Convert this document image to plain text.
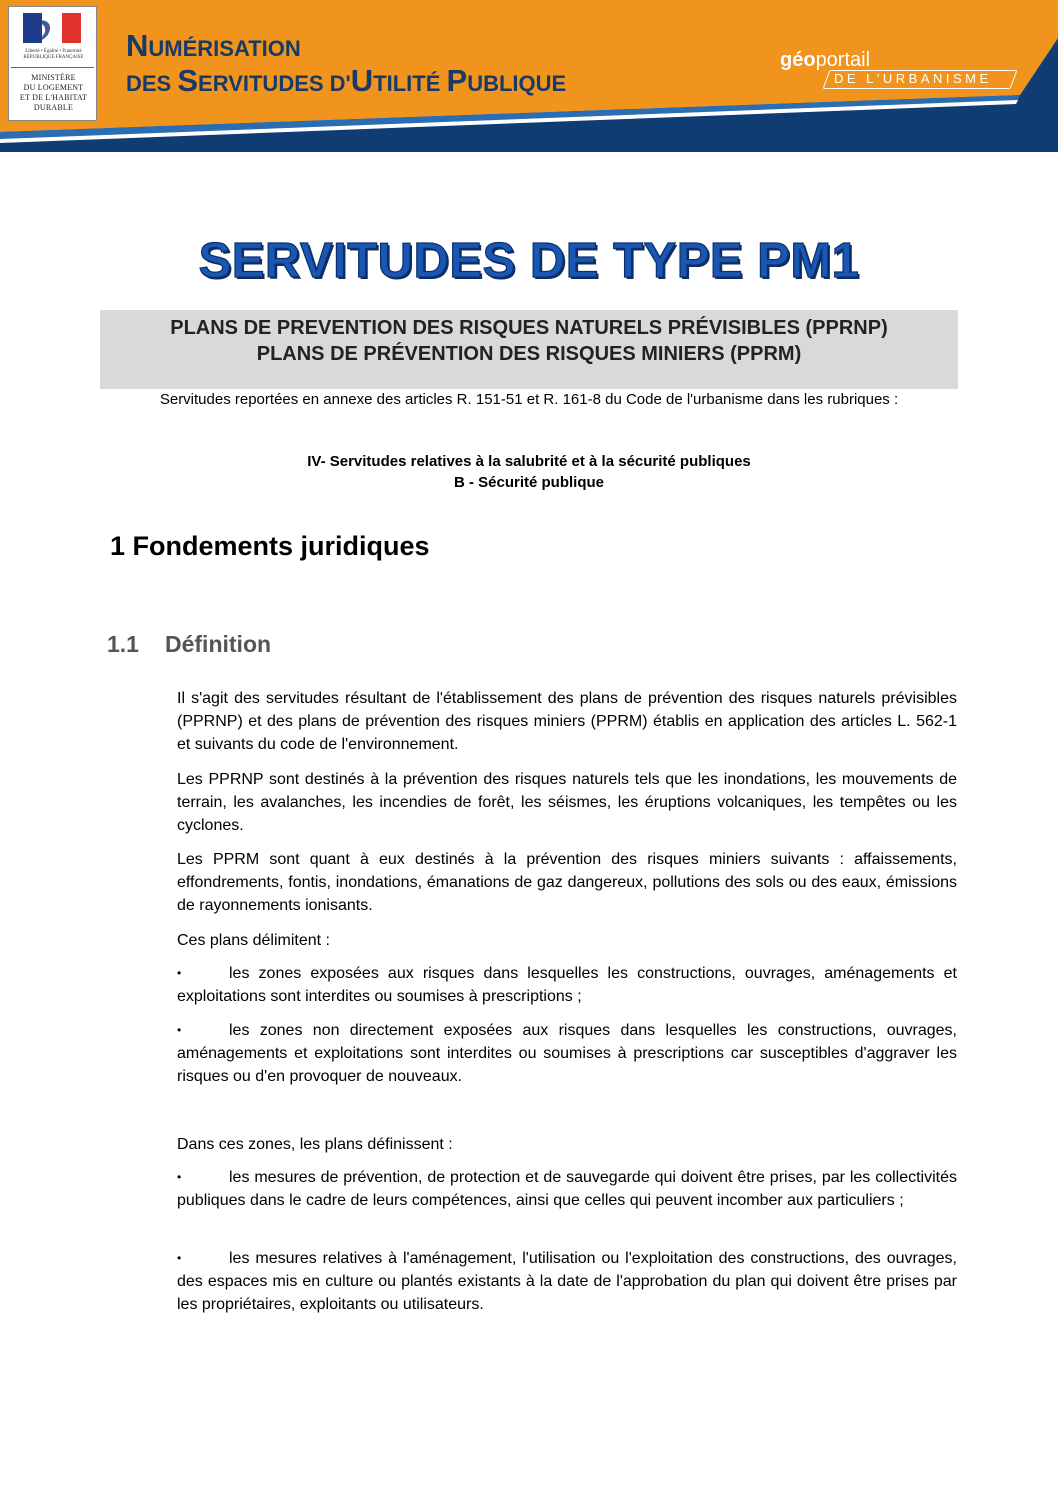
Liberté • Égalité • Fraternité
RÉPUBLIQUE FRANÇAISE
MINISTÈRE
DU LOGEMENT
ET DE L'HABITAT
DURABLE
NUMÉRISATION
DES SERVITUDES D'UTILITÉ PUBLIQUE
géoportail
DE L'URBANISME
SERVITUDES DE TYPE PM1
PLANS DE PREVENTION DES RISQUES NATURELS PRÉVISIBLES (PPRNP)
PLANS DE PRÉVENTION DES RISQUES MINIERS (PPRM)
Servitudes reportées en annexe des articles R. 151-51 et R. 161-8 du Code de l'urbanisme dans les rubriques :
IV- Servitudes relatives à la salubrité et à la sécurité publiques
B - Sécurité publique
1 Fondements juridiques
1.1 Définition

Il s'agit des servitudes résultant de l'établissement des plans de prévention des risques naturels prévisibles (PPRNP) et des plans de prévention des risques miniers (PPRM) établis en application des articles L. 562-1 et suivants du code de l'environnement.

Les PPRNP sont destinés à la prévention des risques naturels tels que les inondations, les mouvements de terrain, les avalanches, les incendies de forêt, les séismes, les éruptions volcaniques, les tempêtes ou les cyclones.

Les PPRM sont quant à eux destinés à la prévention des risques miniers suivants : affaissements, effondrements, fontis, inondations, émanations de gaz dangereux, pollutions des sols ou des eaux, émissions de rayonnements ionisants.

Ces plans délimitent :

•	les zones exposées aux risques dans lesquelles les constructions, ouvrages, aménagements et exploitations sont interdites ou soumises à prescriptions ;

•	les zones non directement exposées aux risques dans lesquelles les constructions, ouvrages, aménagements et exploitations sont interdites ou soumises à prescriptions car susceptibles d'aggraver les risques ou d'en provoquer de nouveaux.

Dans ces zones, les plans définissent :

•	les mesures de prévention, de protection et de sauvegarde qui doivent être prises, par les collectivités publiques dans le cadre de leurs compétences, ainsi que celles qui peuvent incomber aux particuliers ;

•	les mesures relatives à l'aménagement, l'utilisation ou l'exploitation des constructions, des ouvrages, des espaces mis en culture ou plantés existants à la date de l'approbation du plan qui doivent être prises par les propriétaires, exploitants ou utilisateurs.
